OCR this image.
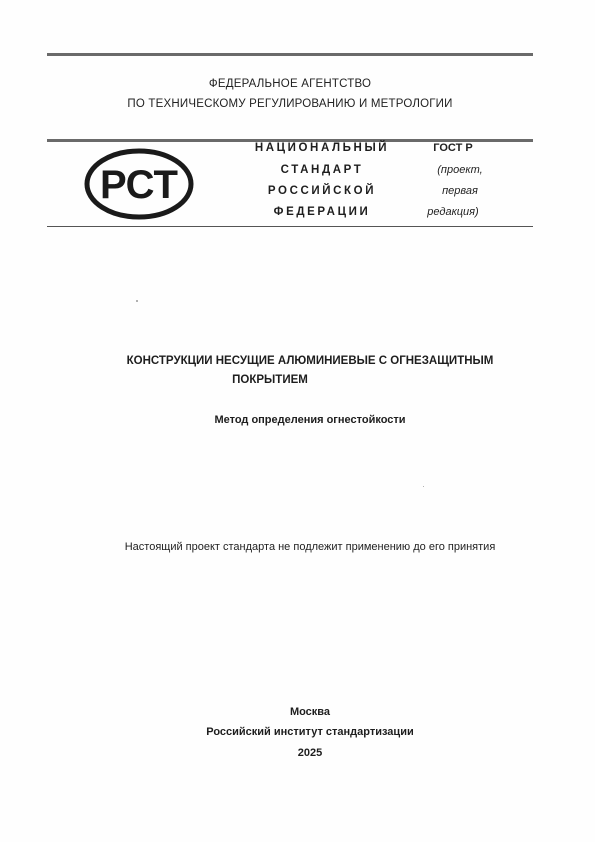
ФЕДЕРАЛЬНОЕ АГЕНТСТВО
ПО ТЕХНИЧЕСКОМУ РЕГУЛИРОВАНИЮ И МЕТРОЛОГИИ
РСТ
НАЦИОНАЛЬНЫЙ
СТАНДАРТ
РОССИЙСКОЙ
ФЕДЕРАЦИИ
ГОСТ Р
(проект,
первая
редакция)
КОНСТРУКЦИИ НЕСУЩИЕ АЛЮМИНИЕВЫЕ С ОГНЕЗАЩИТНЫМ
ПОКРЫТИЕМ
Метод определения огнестойкости
Настоящий проект стандарта не подлежит применению до его принятия
Москва
Российский институт стандартизации
2025
